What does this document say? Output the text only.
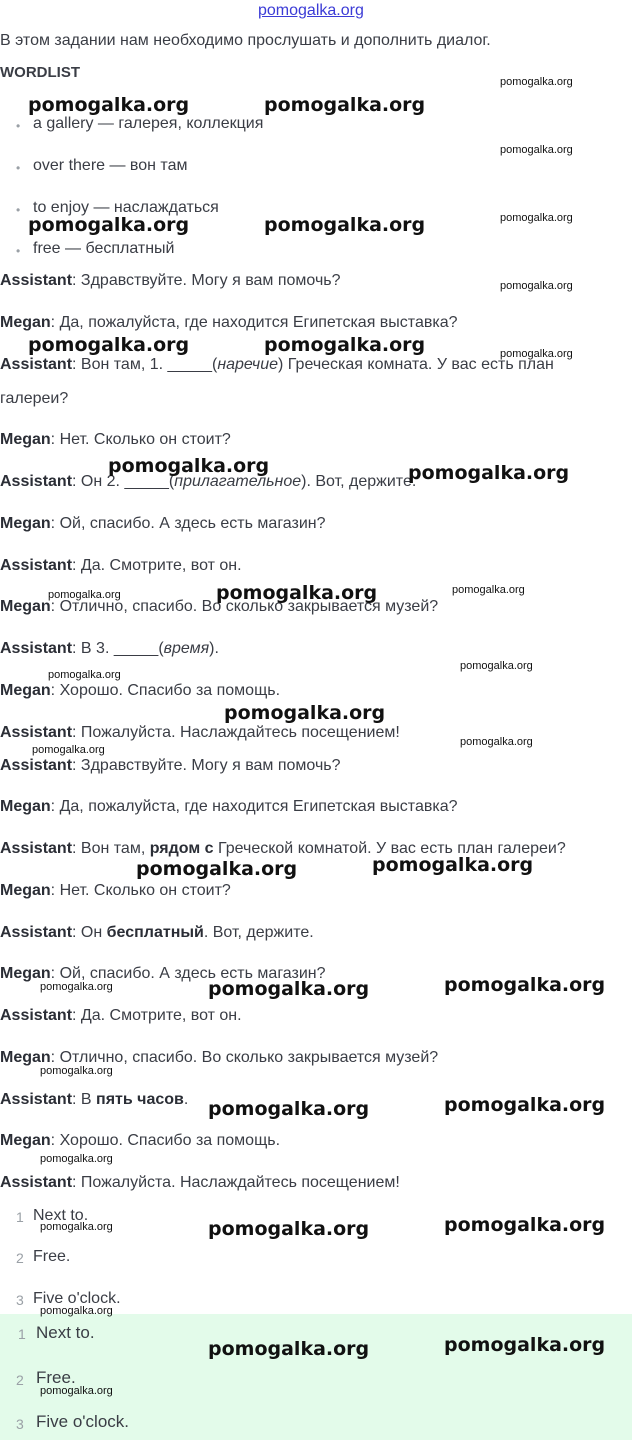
pomogalka.org
В этом задании нам необходимо прослушать и дополнить диалог.
WORDLIST
• a gallery — галерея, коллекция
• over there — вон там
• to enjoy — наслаждаться
• free — бесплатный
Assistant: Здравствуйте. Могу я вам помочь?
Megan: Да, пожалуйста, где находится Египетская выставка?
Assistant: Вон там, 1. _____(наречие) Греческая комната. У вас есть план
галереи?
Megan: Нет. Сколько он стоит?
Assistant: Он 2. _____(прилагательное). Вот, держите.
Megan: Ой, спасибо. А здесь есть магазин?
Assistant: Да. Смотрите, вот он.
Megan: Отлично, спасибо. Во сколько закрывается музей?
Assistant: В 3. _____(время).
Megan: Хорошо. Спасибо за помощь.
Assistant: Пожалуйста. Наслаждайтесь посещением!
Assistant: Здравствуйте. Могу я вам помочь?
Megan: Да, пожалуйста, где находится Египетская выставка?
Assistant: Вон там, рядом с Греческой комнатой. У вас есть план галереи?
Megan: Нет. Сколько он стоит?
Assistant: Он бесплатный. Вот, держите.
Megan: Ой, спасибо. А здесь есть магазин?
Assistant: Да. Смотрите, вот он.
Megan: Отлично, спасибо. Во сколько закрывается музей?
Assistant: В пять часов.
Megan: Хорошо. Спасибо за помощь.
Assistant: Пожалуйста. Наслаждайтесь посещением!
1 Next to.
2 Free.
3 Five o'clock.
1 Next to.
2 Free.
3 Five o'clock.
pomogalka.org	pomogalka.org
pomogalka.org	pomogalka.org
pomogalka.org	pomogalka.org
pomogalka.org	pomogalka.org
pomogalka.org
pomogalka.org
pomogalka.org	pomogalka.org
pomogalka.org	pomogalka.org
pomogalka.org	pomogalka.org
pomogalka.org	pomogalka.org
pomogalka.org	pomogalka.org
pomogalka.org
pomogalka.org
pomogalka.org
pomogalka.org
pomogalka.org
pomogalka.org
pomogalka.org
pomogalka.org
pomogalka.org
pomogalka.org
pomogalka.org
pomogalka.org
pomogalka.org
pomogalka.org
pomogalka.org
pomogalka.org
pomogalka.org
